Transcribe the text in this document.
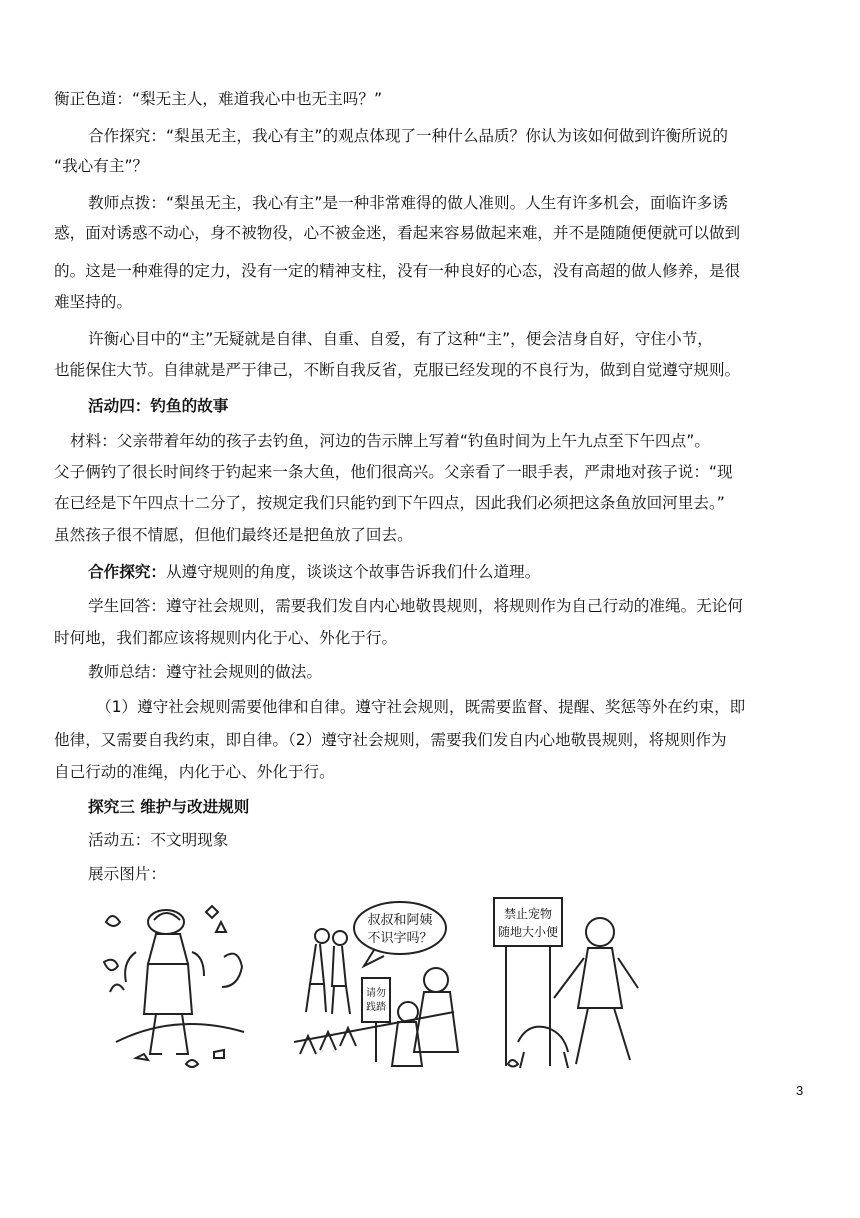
衡正色道：“梨无主人，难道我心中也无主吗？”
合作探究：“梨虽无主，我心有主”的观点体现了一种什么品质？你认为该如何做到许衡所说的
“我心有主”？
教师点拨：“梨虽无主，我心有主”是一种非常难得的做人准则。人生有许多机会，面临许多诱
惑，面对诱惑不动心，身不被物役，心不被金迷，看起来容易做起来难，并不是随随便便就可以做到
的。这是一种难得的定力，没有一定的精神支柱，没有一种良好的心态，没有高超的做人修养，是很
难坚持的。
许衡心目中的“主”无疑就是自律、自重、自爱，有了这种“主”，便会洁身自好，守住小节，
也能保住大节。自律就是严于律己，不断自我反省，克服已经发现的不良行为，做到自觉遵守规则。
活动四：钓鱼的故事
材料：父亲带着年幼的孩子去钓鱼，河边的告示牌上写着“钓鱼时间为上午九点至下午四点”。
父子俩钓了很长时间终于钓起来一条大鱼，他们很高兴。父亲看了一眼手表，严肃地对孩子说：“现
在已经是下午四点十二分了，按规定我们只能钓到下午四点，因此我们必须把这条鱼放回河里去。”
虽然孩子很不情愿，但他们最终还是把鱼放了回去。
合作探究：从遵守规则的角度，谈谈这个故事告诉我们什么道理。
学生回答：遵守社会规则，需要我们发自内心地敬畏规则，将规则作为自己行动的准绳。无论何
时何地，我们都应该将规则内化于心、外化于行。
教师总结：遵守社会规则的做法。
（1）遵守社会规则需要他律和自律。遵守社会规则，既需要监督、提醒、奖惩等外在约束，即
他律，又需要自我约束，即自律。（2）遵守社会规则，需要我们发自内心地敬畏规则，将规则作为
自己行动的准绳，内化于心、外化于行。
探究三 维护与改进规则
活动五：不文明现象
展示图片：
叔叔和阿姨
不识字吗？
请勿
践踏
禁止宠物
随地大小便
3
